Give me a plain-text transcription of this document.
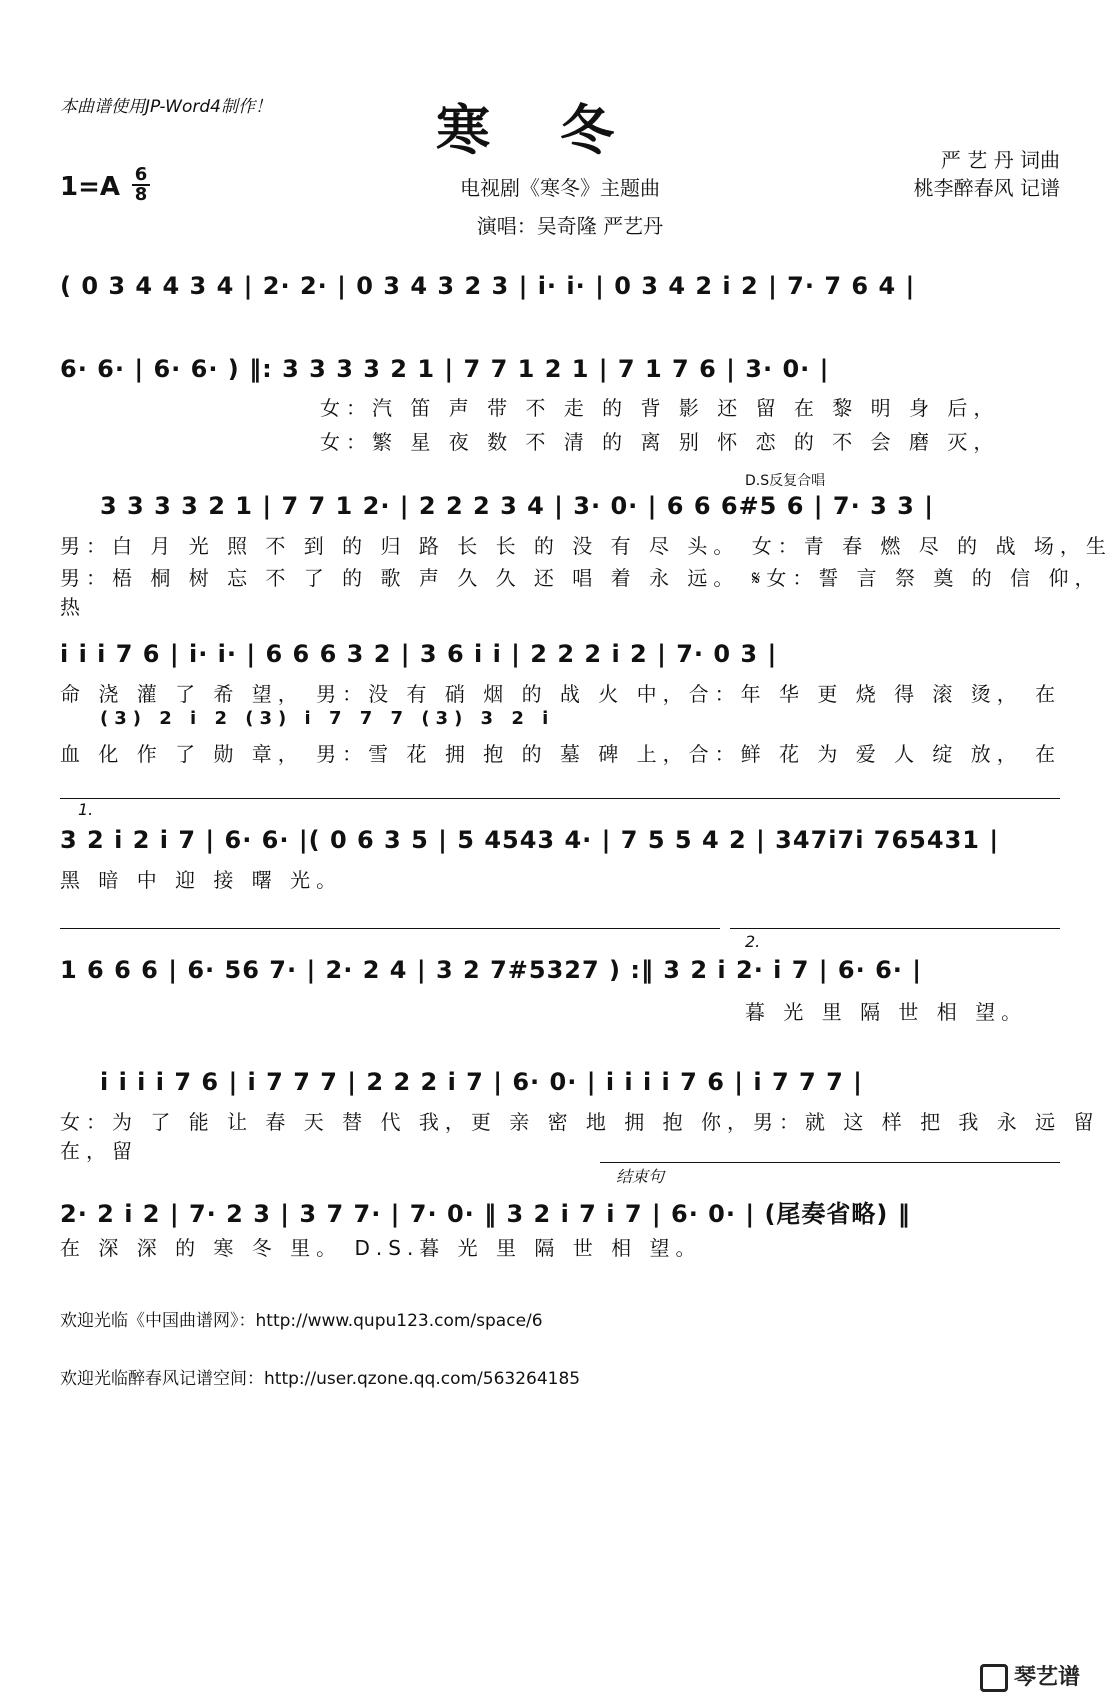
本曲谱使用JP-Word4制作！	寒冬
1=A 6
8	电视剧《寒冬》主题曲
演唱：吴奇隆 严艺丹
严 艺 丹 词曲
桃李醉春风 记谱
( 0 3 4 4 3 4 | 2· 2· | 0 3 4 3 2 3 | i· i· | 0 3 4 2 i 2 | 7· 7 6 4 |
6· 6· | 6· 6· ) ‖: 3 3 3 3 2 1 | 7 7 1 2 1 | 7 1 7 6 | 3· 0· |
女：汽 笛 声 带 不 走 的 背 影 还 留 在 黎 明 身 后，
女：繁 星 夜 数 不 清 的 离 别 怀 恋 的 不 会 磨 灭，
D.S反复合唱
3 3 3 3 2 1 | 7 7 1 2· | 2 2 2 3 4 | 3· 0· | 6 6 6#5 6 | 7· 3 3 |
男：白 月 光 照 不 到 的 归 路 长 长 的 没 有 尽 头。 女：青 春 燃 尽 的 战 场，生
男：梧 桐 树 忘 不 了 的 歌 声 久 久 还 唱 着 永 远。 𝄋女：誓 言 祭 奠 的 信 仰，热
i i i 7 6 | i· i· | 6 6 6 3 2 | 3 6 i i | 2 2 2 i 2 | 7· 0 3 |
命 浇 灌 了 希 望， 男：没 有 硝 烟 的 战 火 中，合：年 华 更 烧 得 滚 烫， 在
(3) 2 i 2 (3) i 7 7 7 (3) 3 2 i
血 化 作 了 勋 章， 男：雪 花 拥 抱 的 墓 碑 上，合：鲜 花 为 爱 人 绽 放， 在
1.
3 2 i 2 i 7 | 6· 6· |( 0 6 3 5 | 5 4543 4· | 7 5 5 4 2 | 347i7i 765431 |
黑 暗 中 迎 接 曙 光。
2.
1 6 6 6 | 6· 56 7· | 2· 2 4 | 3 2 7#5327 ) :‖ 3 2 i 2· i 7 | 6· 6· |
暮 光 里 隔 世 相 望。
i i i i 7 6 | i 7 7 7 | 2 2 2 i 7 | 6· 0· | i i i i 7 6 | i 7 7 7 |
女：为 了 能 让 春 天 替 代 我，更 亲 密 地 拥 抱 你，男：就 这 样 把 我 永 远 留 在，留
结束句
2· 2 i 2 | 7· 2 3 | 3 7 7· | 7· 0· ‖ 3 2 i 7 i 7 | 6· 0· | (尾奏省略) ‖
在 深 深 的 寒 冬 里。 D.S.暮 光 里 隔 世 相 望。
欢迎光临《中国曲谱网》：http://www.qupu123.com/space/6
欢迎光临醉春风记谱空间：http://user.qzone.qq.com/563264185
琴艺谱
